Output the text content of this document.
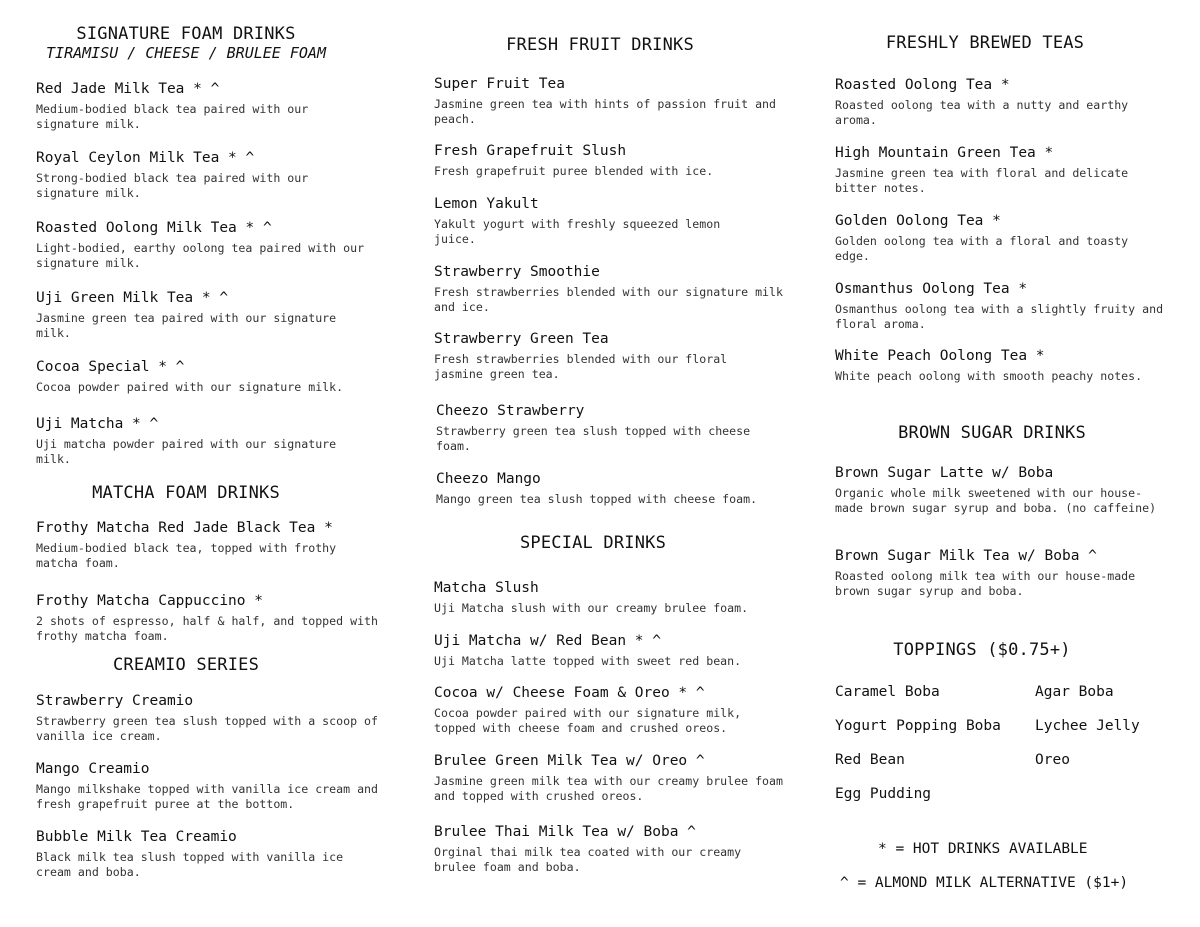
SIGNATURE FOAM DRINKS
TIRAMISU / CHEESE / BRULEE FOAM
Red Jade Milk Tea * ^
Medium-bodied black tea paired with our signature milk.
Royal Ceylon Milk Tea * ^
Strong-bodied black tea paired with our signature milk.
Roasted Oolong Milk Tea * ^
Light-bodied, earthy oolong tea paired with our signature milk.
Uji Green Milk Tea * ^
Jasmine green tea paired with our signature milk.
Cocoa Special * ^
Cocoa powder paired with our signature milk.
Uji Matcha * ^
Uji matcha powder paired with our signature milk.
MATCHA FOAM DRINKS
Frothy Matcha Red Jade Black Tea *
Medium-bodied black tea, topped with frothy matcha foam.
Frothy Matcha Cappuccino *
2 shots of espresso, half & half, and topped with frothy matcha foam.
CREAMIO SERIES
Strawberry Creamio
Strawberry green tea slush topped with a scoop of vanilla ice cream.
Mango Creamio
Mango milkshake topped with vanilla ice cream and fresh grapefruit puree at the bottom.
Bubble Milk Tea Creamio
Black milk tea slush topped with vanilla ice cream and boba.
FRESH FRUIT DRINKS
Super Fruit Tea
Jasmine green tea with hints of passion fruit and peach.
Fresh Grapefruit Slush
Fresh grapefruit puree blended with ice.
Lemon Yakult
Yakult yogurt with freshly squeezed lemon juice.
Strawberry Smoothie
Fresh strawberries blended with our signature milk and ice.
Strawberry Green Tea
Fresh strawberries blended with our floral jasmine green tea.
Cheezo Strawberry
Strawberry green tea slush topped with cheese foam.
Cheezo Mango
Mango green tea slush topped with cheese foam.
SPECIAL DRINKS
Matcha Slush
Uji Matcha slush with our creamy brulee foam.
Uji Matcha w/ Red Bean * ^
Uji Matcha latte topped with sweet red bean.
Cocoa w/ Cheese Foam & Oreo * ^
Cocoa powder paired with our signature milk, topped with cheese foam and crushed oreos.
Brulee Green Milk Tea w/ Oreo ^
Jasmine green milk tea with our creamy brulee foam and topped with crushed oreos.
Brulee Thai Milk Tea w/ Boba ^
Orginal thai milk tea coated with our creamy brulee foam and boba.
FRESHLY BREWED TEAS
Roasted Oolong Tea *
Roasted oolong tea with a nutty and earthy aroma.
High Mountain Green Tea *
Jasmine green tea with floral and delicate bitter notes.
Golden Oolong Tea *
Golden oolong tea with a floral and toasty edge.
Osmanthus Oolong Tea *
Osmanthus oolong tea with a slightly fruity and floral aroma.
White Peach Oolong Tea *
White peach oolong with smooth peachy notes.
BROWN SUGAR DRINKS
Brown Sugar Latte w/ Boba
Organic whole milk sweetened with our house-made brown sugar syrup and boba. (no caffeine)
Brown Sugar Milk Tea w/ Boba ^
Roasted oolong milk tea with our house-made brown sugar syrup and boba.
TOPPINGS ($0.75+)
Caramel Boba	Agar Boba
Yogurt Popping Boba Lychee Jelly
Red Bean	Oreo
Egg Pudding
* = HOT DRINKS AVAILABLE
^ = ALMOND MILK ALTERNATIVE ($1+)
